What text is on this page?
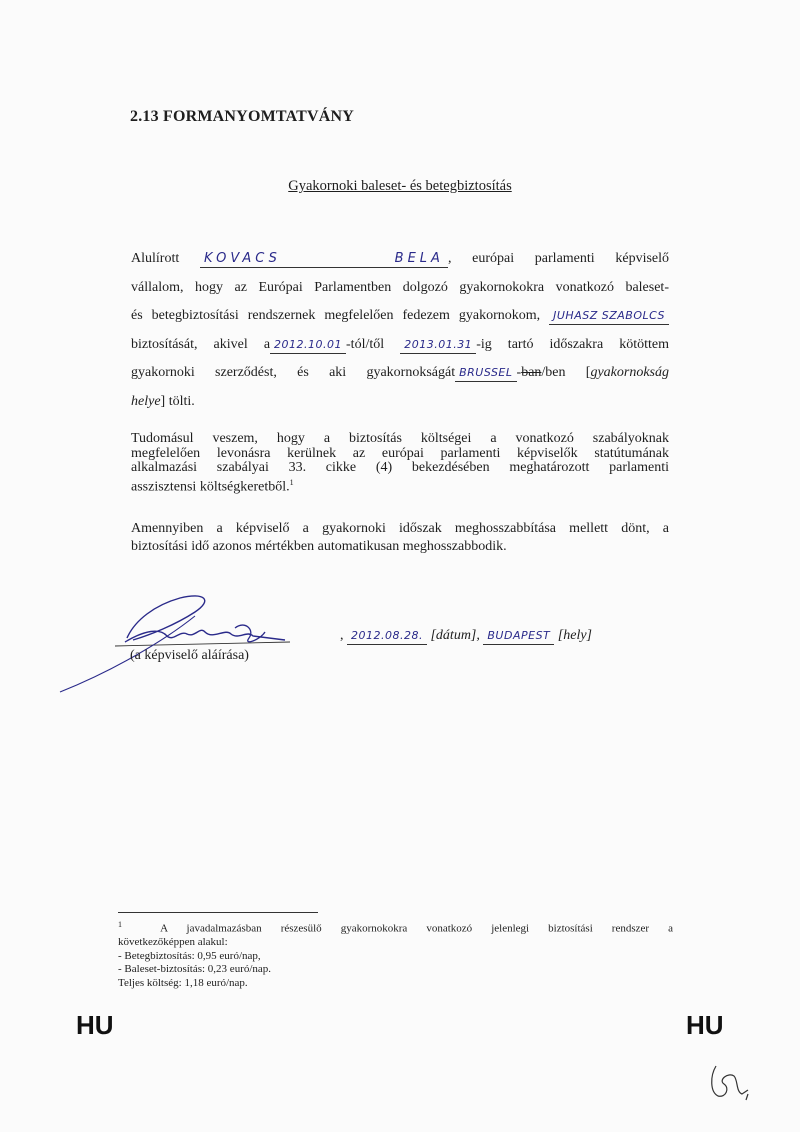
2.13 FORMANYOMTATVÁNY
Gyakornoki baleset- és betegbiztosítás
Alulírott KOVACS BELA , európai parlamenti képviselő
vállalom, hogy az Európai Parlamentben dolgozó gyakornokokra vonatkozó baleset-
és betegbiztosítási rendszernek megfelelően fedezem gyakornokom, JUHASZ SZABOLCS
biztosítását, akivel a 2012.10.01 -tól/től 2013.01.31 -ig tartó időszakra kötöttem
gyakornoki szerződést, és aki gyakornokságát BRUSSEL -ban/ben [gyakornokság
helye] tölti.
Tudomásul veszem, hogy a biztosítás költségei a vonatkozó szabályoknak
megfelelően levonásra kerülnek az európai parlamenti képviselők statútumának
alkalmazási szabályai 33. cikke (4) bekezdésében meghatározott parlamenti
asszisztensi költségkeretből.$^1$
Amennyiben a képviselő a gyakornoki időszak meghosszabbítása mellett dönt, a
biztosítási idő azonos mértékben automatikusan meghosszabbodik.
, 2012.08.28. [dátum], BUDAPEST [hely]
(a képviselő aláírása)
$^1$	A javadalmazásban részesülő gyakornokokra vonatkozó jelenlegi biztosítási rendszer a
következőképpen alakul:
- Betegbiztosítás: 0,95 euró/nap,
- Baleset-biztosítás: 0,23 euró/nap.
Teljes költség: 1,18 euró/nap.
HU	HU
